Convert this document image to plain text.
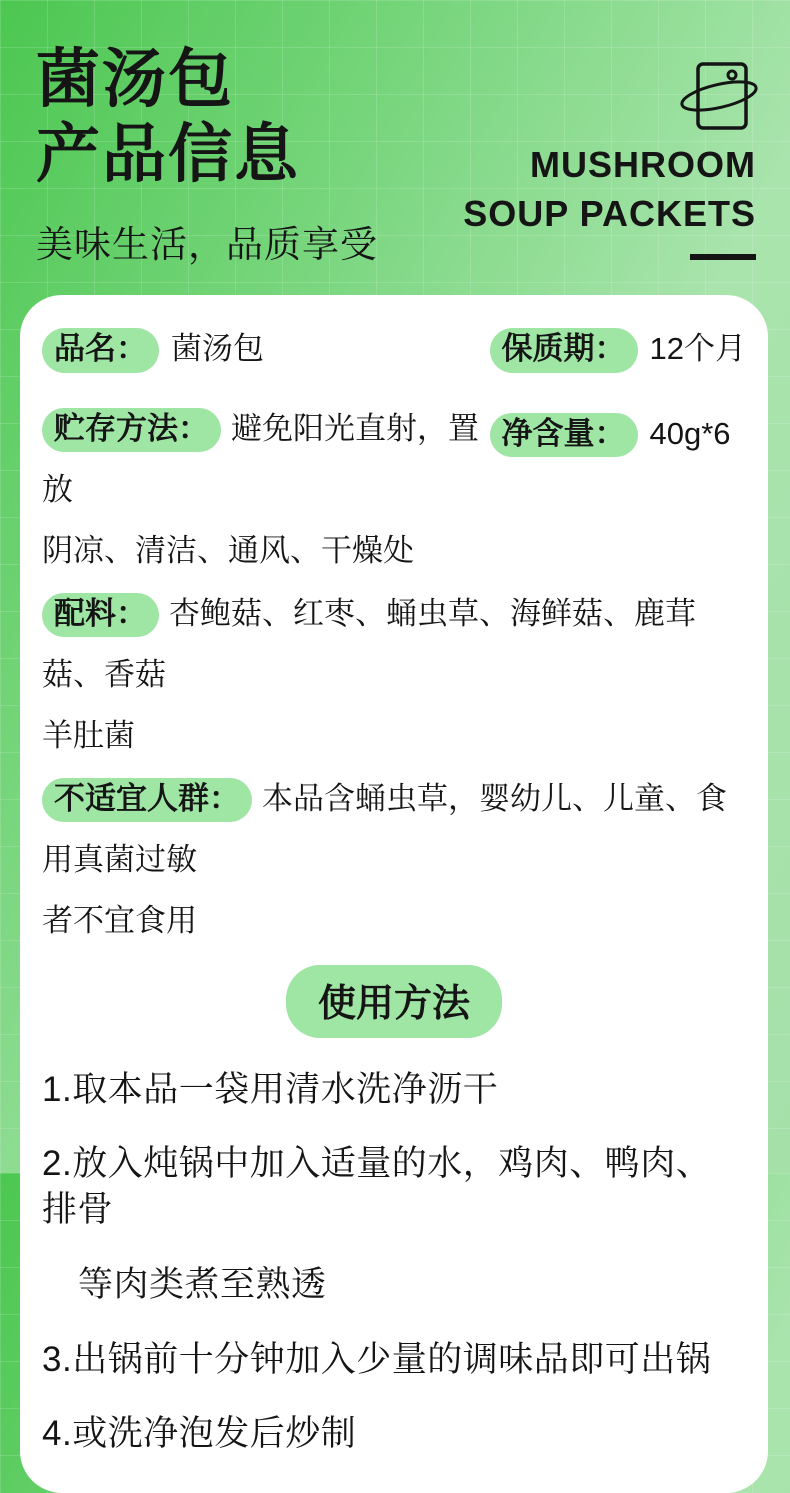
菌汤包
产品信息

美味生活，品质享受

MUSHROOM
SOUP PACKETS

品名： 菌汤包

贮存方法： 避免阳光直射，置放
阴凉、清洁、通风、干燥处

保质期： 12个月

净含量： 40g*6

配料： 杏鲍菇、红枣、蛹虫草、海鲜菇、鹿茸菇、香菇
羊肚菌

不适宜人群： 本品含蛹虫草，婴幼儿、儿童、食用真菌过敏
者不宜食用

使用方法

1.取本品一袋用清水洗净沥干

2.放入炖锅中加入适量的水，鸡肉、鸭肉、排骨
等肉类煮至熟透

3.出锅前十分钟加入少量的调味品即可出锅

4.或洗净泡发后炒制
